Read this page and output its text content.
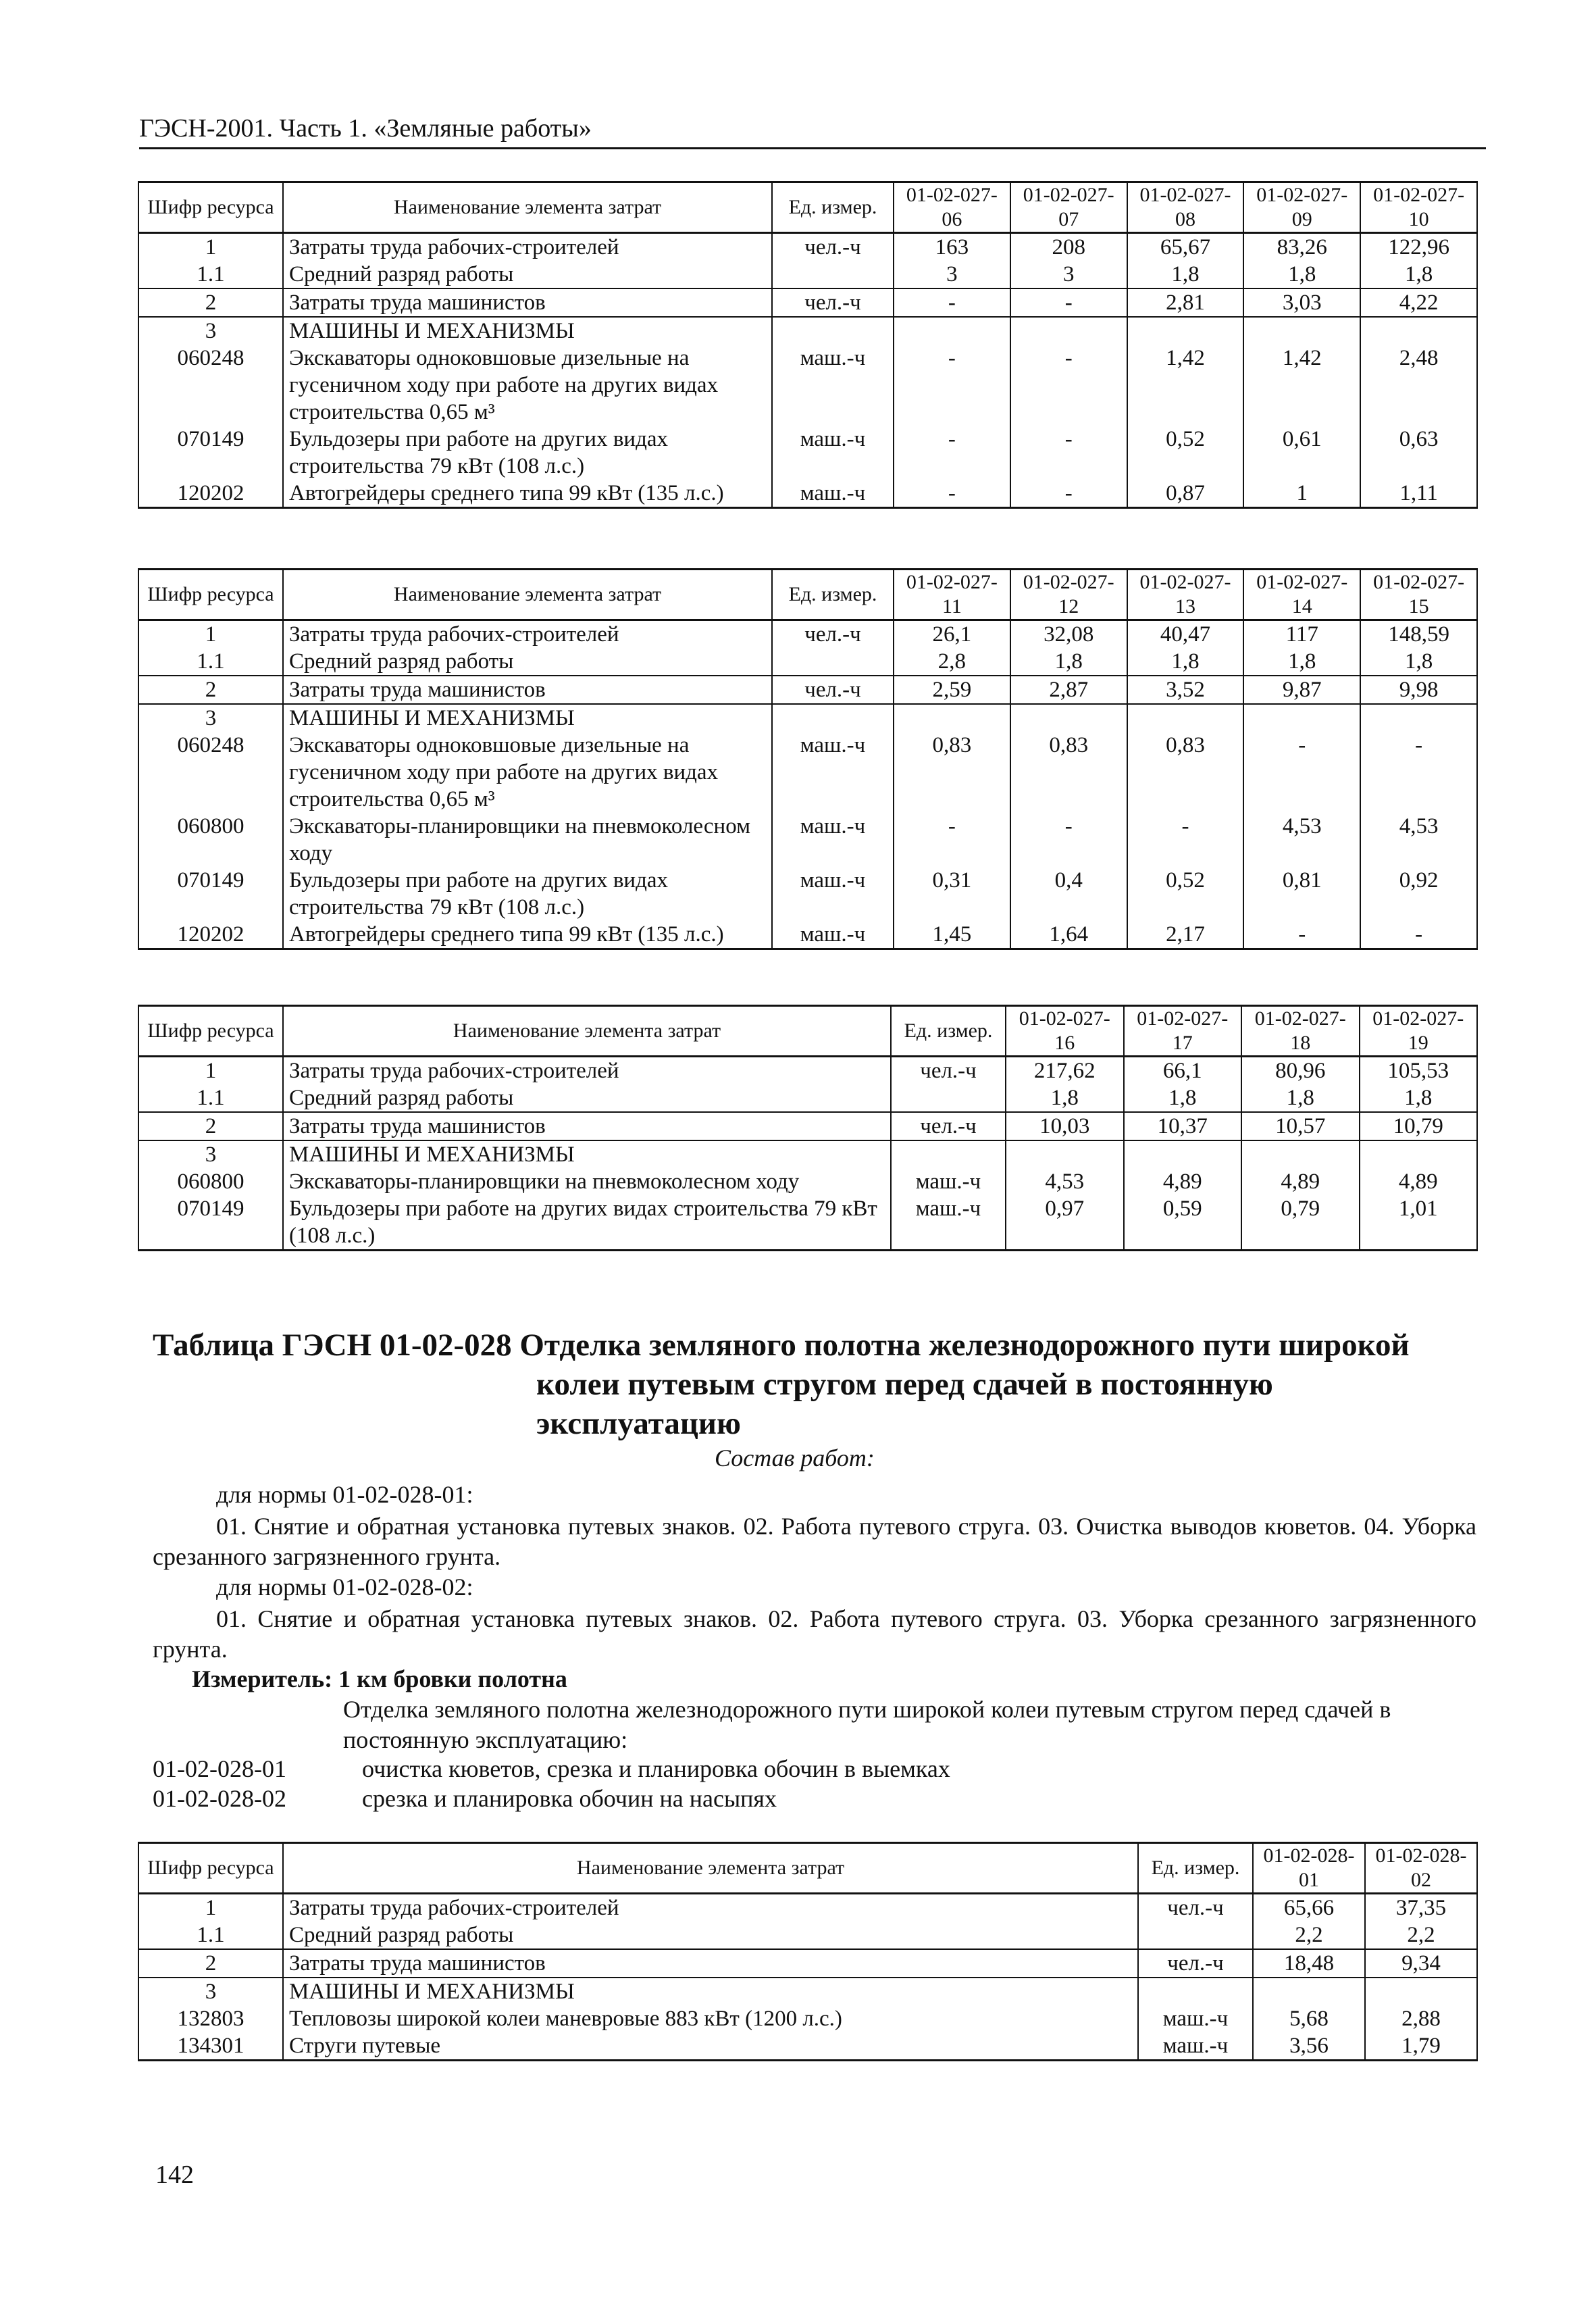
ГЭСН-2001. Часть 1. «Земляные работы»
Шифр ресурса	Наименование элемента затрат	Ед. измер.	01-02-027-06	01-02-027-07	01-02-027-08	01-02-027-09	01-02-027-10
1	Затраты труда рабочих-строителей	чел.-ч	163	208	65,67	83,26	122,96
1.1	Средний разряд работы		3	3	1,8	1,8	1,8
2	Затраты труда машинистов	чел.-ч	-	-	2,81	3,03	4,22
3	МАШИНЫ И МЕХАНИЗМЫ						
060248	Экскаваторы одноковшовые дизельные на гусеничном ходу при работе на других видах строительства 0,65 м³	маш.-ч	-	-	1,42	1,42	2,48
070149	Бульдозеры при работе на других видах строительства 79 кВт (108 л.с.)	маш.-ч	-	-	0,52	0,61	0,63
120202	Автогрейдеры среднего типа 99 кВт (135 л.с.)	маш.-ч	-	-	0,87	1	1,11
Шифр ресурса	Наименование элемента затрат	Ед. измер.	01-02-027-11	01-02-027-12	01-02-027-13	01-02-027-14	01-02-027-15
1	Затраты труда рабочих-строителей	чел.-ч	26,1	32,08	40,47	117	148,59
1.1	Средний разряд работы		2,8	1,8	1,8	1,8	1,8
2	Затраты труда машинистов	чел.-ч	2,59	2,87	3,52	9,87	9,98
3	МАШИНЫ И МЕХАНИЗМЫ						
060248	Экскаваторы одноковшовые дизельные на гусеничном ходу при работе на других видах строительства 0,65 м³	маш.-ч	0,83	0,83	0,83	-	-
060800	Экскаваторы-планировщики на пневмоколесном ходу	маш.-ч	-	-	-	4,53	4,53
070149	Бульдозеры при работе на других видах строительства 79 кВт (108 л.с.)	маш.-ч	0,31	0,4	0,52	0,81	0,92
120202	Автогрейдеры среднего типа 99 кВт (135 л.с.)	маш.-ч	1,45	1,64	2,17	-	-
Шифр ресурса	Наименование элемента затрат	Ед. измер.	01-02-027-16	01-02-027-17	01-02-027-18	01-02-027-19
1	Затраты труда рабочих-строителей	чел.-ч	217,62	66,1	80,96	105,53
1.1	Средний разряд работы		1,8	1,8	1,8	1,8
2	Затраты труда машинистов	чел.-ч	10,03	10,37	10,57	10,79
3	МАШИНЫ И МЕХАНИЗМЫ					
060800	Экскаваторы-планировщики на пневмоколесном ходу	маш.-ч	4,53	4,89	4,89	4,89
070149	Бульдозеры при работе на других видах строительства 79 кВт (108 л.с.)	маш.-ч	0,97	0,59	0,79	1,01
Таблица ГЭСН 01-02-028 Отделка земляного полотна железнодорожного пути широкой
колеи путевым стругом перед сдачей в постоянную
эксплуатацию
Состав работ:
для нормы 01-02-028-01:
01. Снятие и обратная установка путевых знаков. 02. Работа путевого струга. 03. Очистка выводов кюветов. 04. Уборка срезанного загрязненного грунта.
для нормы 01-02-028-02:
01. Снятие и обратная установка путевых знаков. 02. Работа путевого струга. 03. Уборка срезанного загрязненного грунта.
Измеритель: 1 км бровки полотна
Отделка земляного полотна железнодорожного пути широкой колеи путевым стругом перед сдачей в постоянную эксплуатацию:
01-02-028-01	очистка кюветов, срезка и планировка обочин в выемках
01-02-028-02	срезка и планировка обочин на насыпях
Шифр ресурса	Наименование элемента затрат	Ед. измер.	01-02-028-01	01-02-028-02
1	Затраты труда рабочих-строителей	чел.-ч	65,66	37,35
1.1	Средний разряд работы		2,2	2,2
2	Затраты труда машинистов	чел.-ч	18,48	9,34
3	МАШИНЫ И МЕХАНИЗМЫ			
132803	Тепловозы широкой колеи маневровые 883 кВт (1200 л.с.)	маш.-ч	5,68	2,88
134301	Струги путевые	маш.-ч	3,56	1,79
142
